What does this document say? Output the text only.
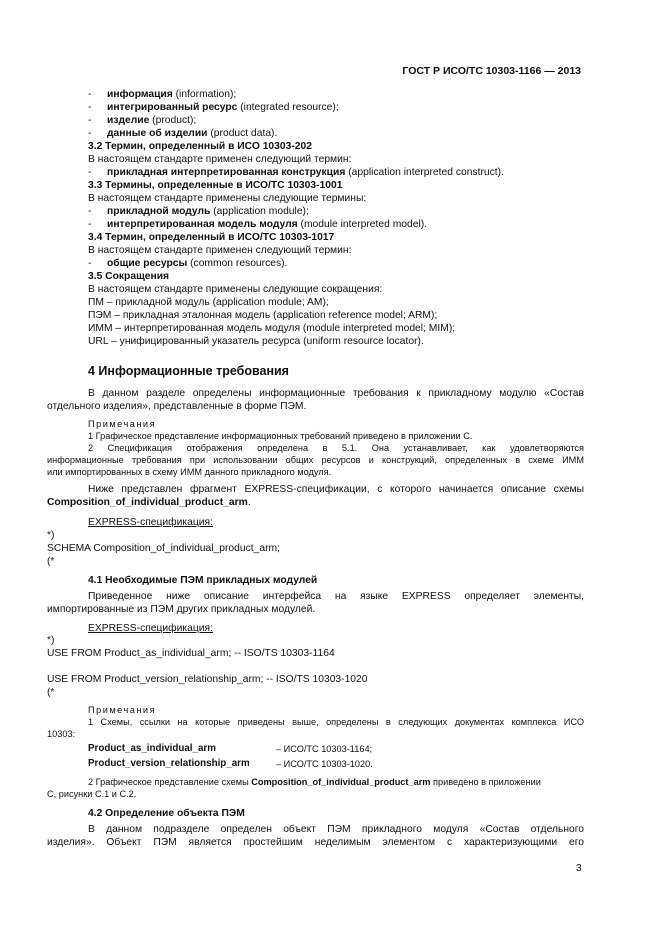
ГОСТ Р ИСО/ТС 10303-1166 — 2013
- информация (information);
- интегрированный ресурс (integrated resource);
- изделие (product);
- данные об изделии (product data).
3.2 Термин, определенный в ИСО 10303-202
В настоящем стандарте применен следующий термин:
- прикладная интерпретированная конструкция (application interpreted construct).
3.3 Термины, определенные в ИСО/ТС 10303-1001
В настоящем стандарте применены следующие термины:
- прикладной модуль (application module);
- интерпретированная модель модуля (module interpreted model).
3.4 Термин, определенный в ИСО/ТС 10303-1017
В настоящем стандарте применен следующий термин:
- общие ресурсы (common resources).
3.5 Сокращения
В настоящем стандарте применены следующие сокращения:
ПМ – прикладной модуль (application module; AM);
ПЭМ – прикладная эталонная модель (application reference model; ARM);
ИММ – интерпретированная модель модуля (module interpreted model; MIM);
URL – унифицированный указатель ресурса (uniform resource locator).
4 Информационные требования
В данном разделе определены информационные требования к прикладному модулю «Состав
отдельного изделия», представленные в форме ПЭМ.
Примечания
1 Графическое представление информационных требований приведено в приложении С.
2 Спецификация отображения определена в 5.1. Она устанавливает, как удовлетворяются
информационные требования при использовании общих ресурсов и конструкций, определенных в схеме ИММ
или импортированных в схему ИММ данного прикладного модуля.
Ниже представлен фрагмент EXPRESS-спецификации, с которого начинается описание схемы
Composition_of_individual_product_arm.
EXPRESS-спецификация:
*)
SCHEMA Composition_of_individual_product_arm;
(*
4.1 Необходимые ПЭМ прикладных модулей
Приведенное ниже описание интерфейса на языке EXPRESS определяет элементы,
импортированные из ПЭМ других прикладных модулей.
EXPRESS-спецификация:
*)
USE FROM Product_as_individual_arm; -- ISO/TS 10303-1164
USE FROM Product_version_relationship_arm; -- ISO/TS 10303-1020
(*
Примечания
1 Схемы, ссылки на которые приведены выше, определены в следующих документах комплекса ИСО
10303:
Product_as_individual_arm	– ИСО/ТС 10303-1164;
Product_version_relationship_arm	– ИСО/ТС 10303-1020.
2 Графическое представление схемы Composition_of_individual_product_arm приведено в приложении
С, рисунки С.1 и С.2.
4.2 Определение объекта ПЭМ
В данном подразделе определен объект ПЭМ прикладного модуля «Состав отдельного
изделия». Объект ПЭМ является простейшим неделимым элементом с характеризующими его
3
